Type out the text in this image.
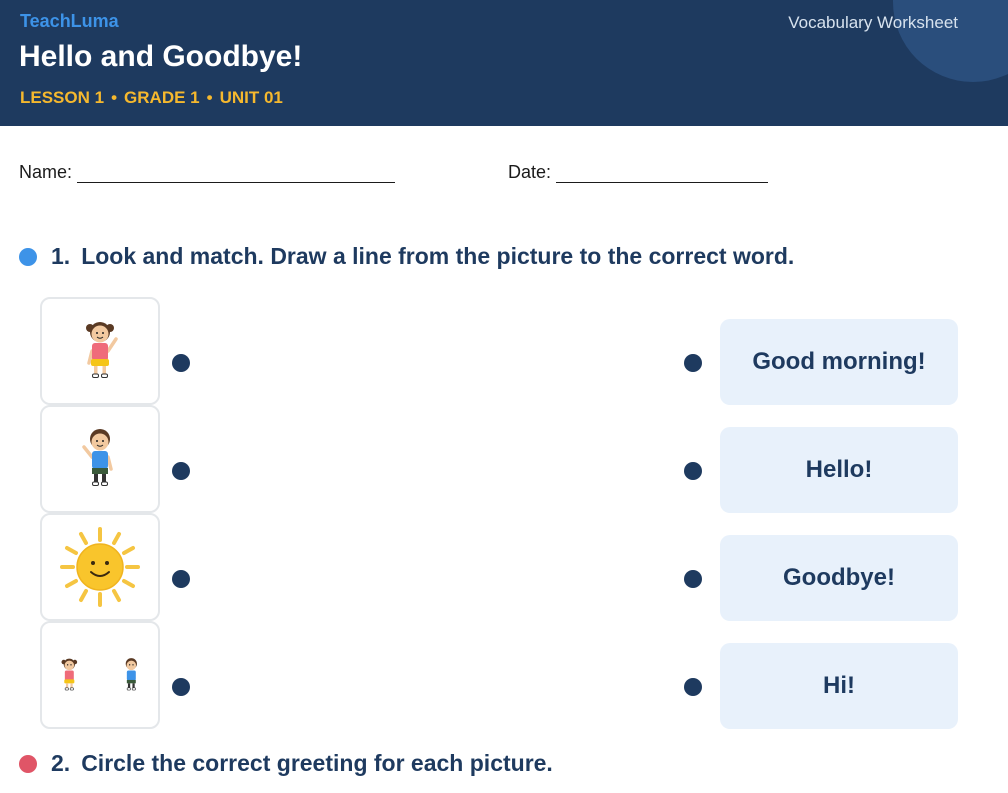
TeachLuma	Vocabulary Worksheet
Hello and Goodbye!
LESSON 1 • GRADE 1 • UNIT 01
Name:	Date:
1. Look and match. Draw a line from the picture to the correct word.
Good morning!
Hello!
Goodbye!
Hi!
2. Circle the correct greeting for each picture.
